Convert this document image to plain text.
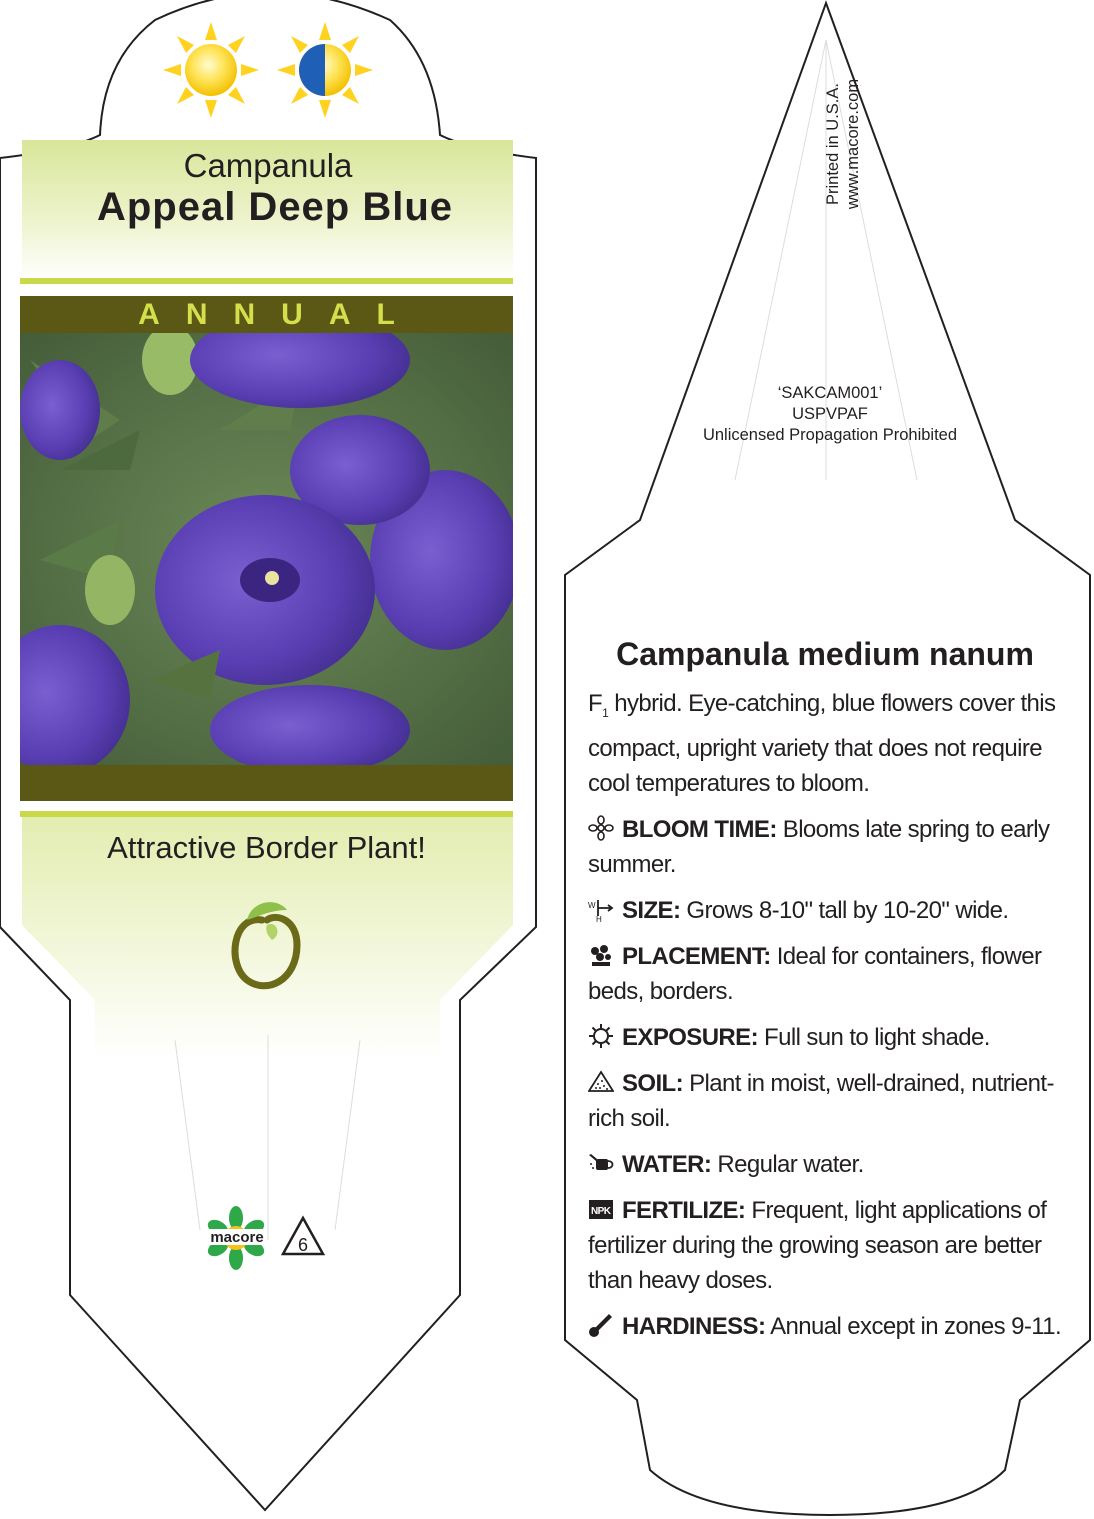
Campanula
Appeal Deep Blue
ANNUAL
Attractive Border Plant!
macore 6
Printed in U.S.A. www.macore.com
‘SAKCAM001’
USPVPAF
Unlicensed Propagation Prohibited
Campanula medium nanum

$F_1$ hybrid. Eye-catching, blue flowers cover this compact, upright variety that does not require cool temperatures to bloom.

BLOOM TIME: Blooms late spring to early summer.

W
H SIZE: Grows 8-10" tall by 10-20" wide.

PLACEMENT: Ideal for containers, flower beds, borders.

EXPOSURE: Full sun to light shade.

SOIL: Plant in moist, well-drained, nutrient-rich soil.

WATER: Regular water.

NPK FERTILIZE: Frequent, light applications of fertilizer during the growing season are better than heavy doses.

HARDINESS: Annual except in zones 9-11.
